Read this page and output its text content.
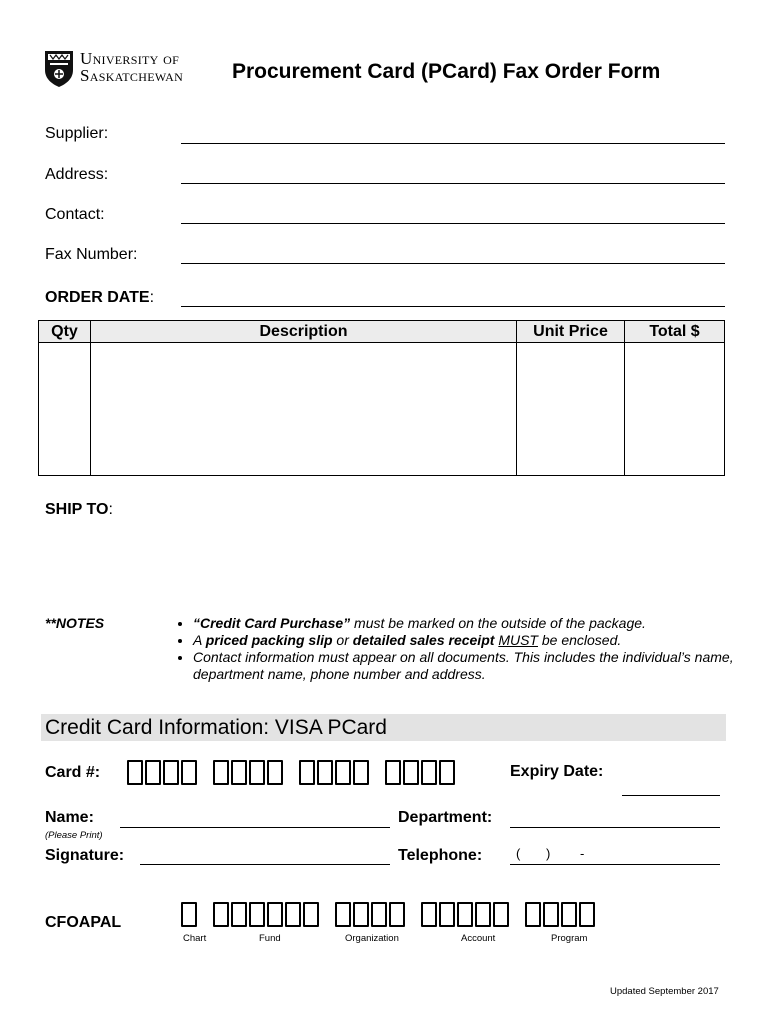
University of
Saskatchewan Procurement Card (PCard) Fax Order Form
Supplier:
Address:
Contact:
Fax Number:
ORDER DATE:
Qty	Description	Unit Price	Total $

SHIP TO:
**NOTES	• “Credit Card Purchase” must be marked on the outside of the package.
• A priced packing slip or detailed sales receipt MUST be enclosed.
• Contact information must appear on all documents. This includes the individual’s name, department name, phone number and address.
Credit Card Information: VISA PCard
Card #:	Expiry Date:
Name:
(Please Print)
Department:
Signature:	Telephone:	( ) -
CFOAPAL
Chart	Fund	Organization	Account	Program
Updated September 2017
